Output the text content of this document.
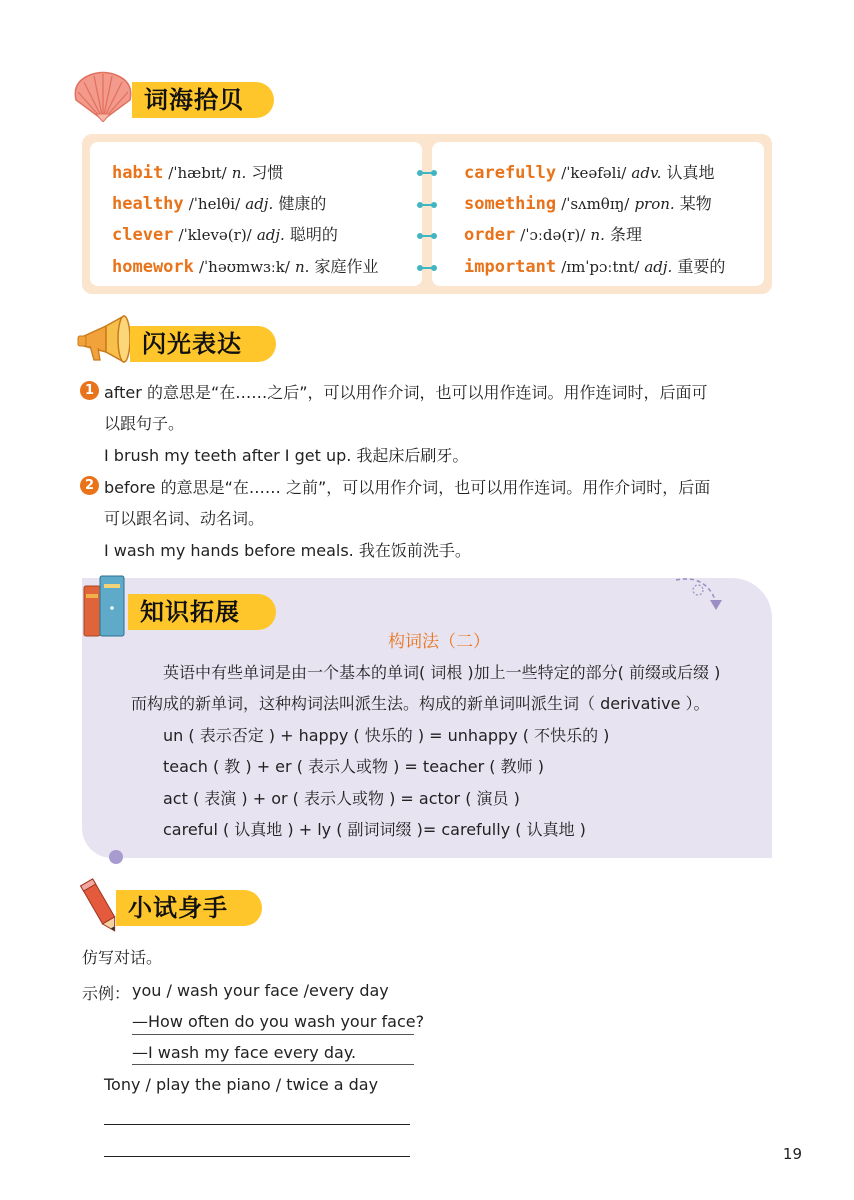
词海拾贝
habit /ˈhæbɪt/ n. 习惯
healthy /ˈhelθi/ adj. 健康的
clever /ˈklevə(r)/ adj. 聪明的
homework /ˈhəʊmwɜːk/ n. 家庭作业
carefully /ˈkeəfəli/ adv. 认真地
something /ˈsʌmθɪŋ/ pron. 某物
order /ˈɔːdə(r)/ n. 条理
important /ɪmˈpɔːtnt/ adj. 重要的
闪光表达
1 after 的意思是“在……之后”，可以用作介词，也可以用作连词。用作连词时，后面可
以跟句子。
I brush my teeth after I get up. 我起床后刷牙。
2 before 的意思是“在…… 之前”，可以用作介词，也可以用作连词。用作介词时，后面
可以跟名词、动名词。
I wash my hands before meals. 我在饭前洗手。
知识拓展
构词法（二）
英语中有些单词是由一个基本的单词( 词根 )加上一些特定的部分( 前缀或后缀 )
而构成的新单词，这种构词法叫派生法。构成的新单词叫派生词（ derivative ）。
un ( 表示否定 ) + happy ( 快乐的 ) = unhappy ( 不快乐的 )
teach ( 教 ) + er ( 表示人或物 ) = teacher ( 教师 )
act ( 表演 ) + or ( 表示人或物 ) = actor ( 演员 )
careful ( 认真地 ) + ly ( 副词词缀 )= carefully ( 认真地 )
小试身手
仿写对话。
示例： you / wash your face /every day
—How often do you wash your face?
—I wash my face every day.
Tony / play the piano / twice a day
19
